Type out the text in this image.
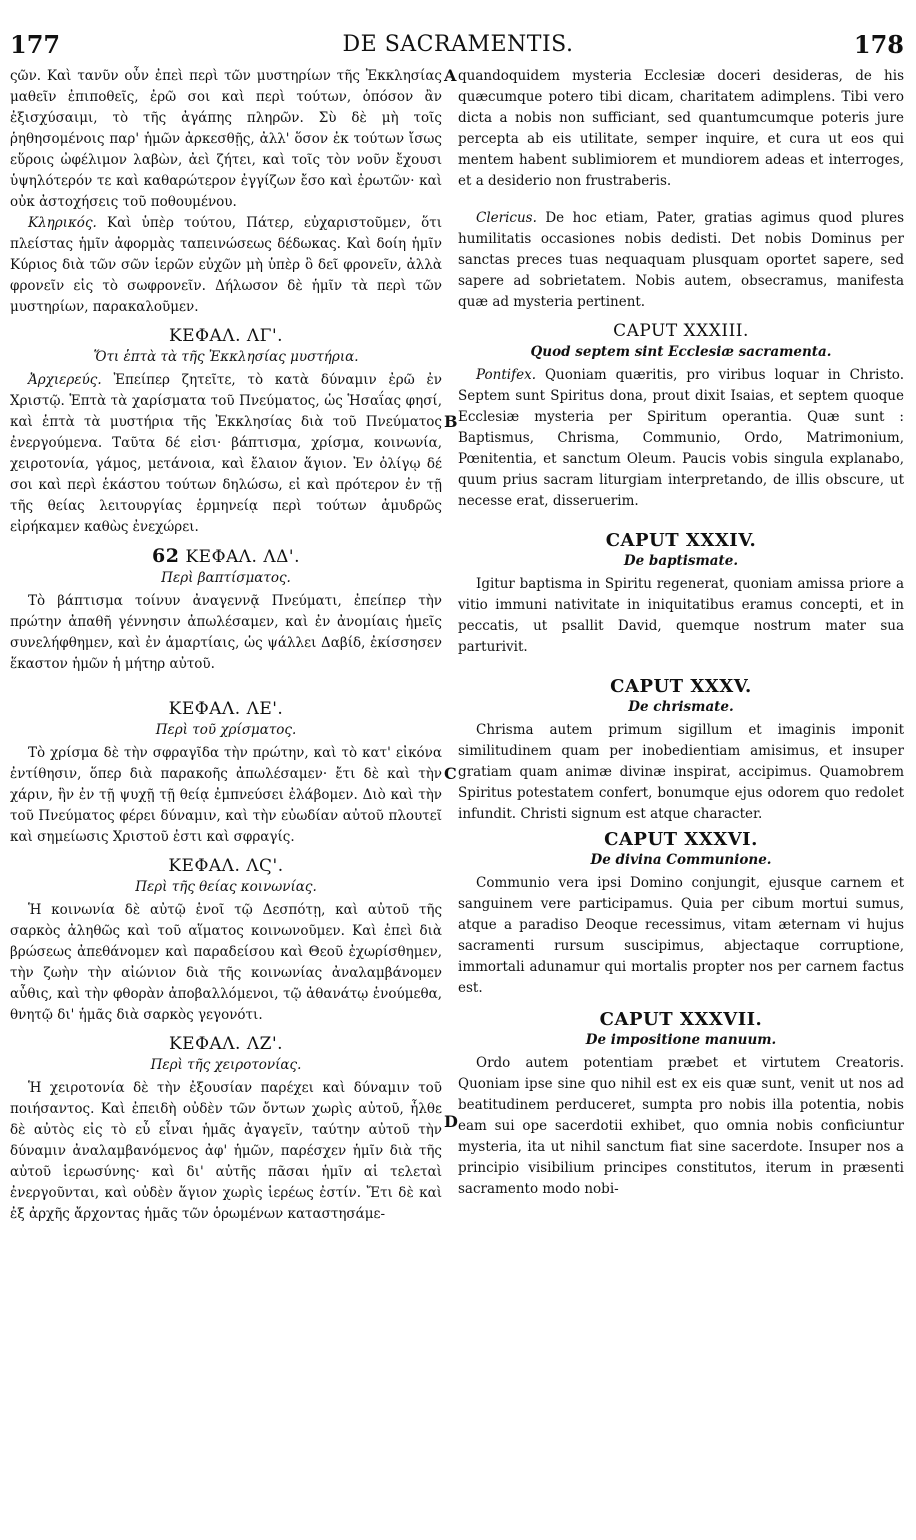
177	DE SACRAMENTIS.	178
A
B
C
D

ςῶν. Καὶ τανῦν οὖν ἐπεὶ περὶ τῶν μυστηρίων τῆς Ἐκκλησίας μαθεῖν ἐπιποθεῖς, ἐρῶ σοι καὶ περὶ τούτων, ὁπόσον ἂν ἐξισχύσαιμι, τὸ τῆς ἀγάπης πληρῶν. Σὺ δὲ μὴ τοῖς ῥηθησομένοις παρ' ἡμῶν ἀρκεσθῇς, ἀλλ' ὅσον ἐκ τούτων ἴσως εὕροις ὠφέλιμον λαβὼν, ἀεὶ ζήτει, καὶ τοῖς τὸν νοῦν ἔχουσι ὑψηλότερόν τε καὶ καθαρώτερον ἐγγίζων ἔσο καὶ ἐρωτῶν· καὶ οὐκ ἀστοχήσεις τοῦ ποθουμένου.

Κληρικός. Καὶ ὑπὲρ τούτου, Πάτερ, εὐχαριστοῦμεν, ὅτι πλείστας ἡμῖν ἀφορμὰς ταπεινώσεως δέδωκας. Καὶ δοίη ἡμῖν Κύριος διὰ τῶν σῶν ἱερῶν εὐχῶν μὴ ὑπὲρ ὃ δεῖ φρονεῖν, ἀλλὰ φρονεῖν εἰς τὸ σωφρονεῖν. Δήλωσον δὲ ἡμῖν τὰ περὶ τῶν μυστηρίων, παρακαλοῦμεν.

ΚΕΦΑΛ. ΛΓ'.
Ὅτι ἑπτὰ τὰ τῆς Ἐκκλησίας μυστήρια.

Ἀρχιερεύς. Ἐπείπερ ζητεῖτε, τὸ κατὰ δύναμιν ἐρῶ ἐν Χριστῷ. Ἑπτὰ τὰ χαρίσματα τοῦ Πνεύματος, ὡς Ἡσαΐας φησί, καὶ ἑπτὰ τὰ μυστήρια τῆς Ἐκκλησίας διὰ τοῦ Πνεύματος ἐνεργούμενα. Ταῦτα δέ εἰσι· βάπτισμα, χρίσμα, κοινωνία, χειροτονία, γάμος, μετάνοια, καὶ ἔλαιον ἅγιον. Ἐν ὀλίγῳ δέ σοι καὶ περὶ ἑκάστου τούτων δηλώσω, εἰ καὶ πρότερον ἐν τῇ τῆς θείας λειτουργίας ἑρμηνείᾳ περὶ τούτων ἀμυδρῶς εἰρήκαμεν καθὼς ἐνεχώρει.

62 ΚΕΦΑΛ. ΛΔ'.
Περὶ βαπτίσματος.

Τὸ βάπτισμα τοίνυν ἀναγεννᾷ Πνεύματι, ἐπείπερ τὴν πρώτην ἀπαθῆ γέννησιν ἀπωλέσαμεν, καὶ ἐν ἀνομίαις ἡμεῖς συνελήφθημεν, καὶ ἐν ἁμαρτίαις, ὡς ψάλλει Δαβίδ, ἐκίσσησεν ἕκαστον ἡμῶν ἡ μήτηρ αὐτοῦ.

ΚΕΦΑΛ. ΛΕ'.
Περὶ τοῦ χρίσματος.

Τὸ χρίσμα δὲ τὴν σφραγῖδα τὴν πρώτην, καὶ τὸ κατ' εἰκόνα ἐντίθησιν, ὅπερ διὰ παρακοῆς ἀπωλέσαμεν· ἔτι δὲ καὶ τὴν χάριν, ἣν ἐν τῇ ψυχῇ τῇ θείᾳ ἐμπνεύσει ἐλάβομεν. Διὸ καὶ τὴν τοῦ Πνεύματος φέρει δύναμιν, καὶ τὴν εὐωδίαν αὐτοῦ πλουτεῖ καὶ σημείωσις Χριστοῦ ἐστι καὶ σφραγίς.

ΚΕΦΑΛ. ΛϚ'.
Περὶ τῆς θείας κοινωνίας.

Ἡ κοινωνία δὲ αὐτῷ ἑνοῖ τῷ Δεσπότῃ, καὶ αὐτοῦ τῆς σαρκὸς ἀληθῶς καὶ τοῦ αἵματος κοινωνοῦμεν. Καὶ ἐπεὶ διὰ βρώσεως ἀπεθάνομεν καὶ παραδείσου καὶ Θεοῦ ἐχωρίσθημεν, τὴν ζωὴν τὴν αἰώνιον διὰ τῆς κοινωνίας ἀναλαμβάνομεν αὖθις, καὶ τὴν φθορὰν ἀποβαλλόμενοι, τῷ ἀθανάτῳ ἑνούμεθα, θνητῷ δι' ἡμᾶς διὰ σαρκὸς γεγονότι.

ΚΕΦΑΛ. ΛΖ'.
Περὶ τῆς χειροτονίας.

Ἡ χειροτονία δὲ τὴν ἐξουσίαν παρέχει καὶ δύναμιν τοῦ ποιήσαντος. Καὶ ἐπειδὴ οὐδὲν τῶν ὄντων χωρὶς αὐτοῦ, ἦλθε δὲ αὐτὸς εἰς τὸ εὖ εἶναι ἡμᾶς ἀγαγεῖν, ταύτην αὐτοῦ τὴν δύναμιν ἀναλαμβανόμενος ἀφ' ἡμῶν, παρέσχεν ἡμῖν διὰ τῆς αὐτοῦ ἱερωσύνης· καὶ δι' αὐτῆς πᾶσαι ἡμῖν αἱ τελεταὶ ἐνεργοῦνται, καὶ οὐδὲν ἅγιον χωρὶς ἱερέως ἐστίν. Ἔτι δὲ καὶ ἐξ ἀρχῆς ἄρχοντας ἡμᾶς τῶν ὁρωμένων καταστησάμε-

quandoquidem mysteria Ecclesiæ doceri desideras, de his quæcumque potero tibi dicam, charitatem adimplens. Tibi vero dicta a nobis non sufficiant, sed quantumcumque poteris jure percepta ab eis utilitate, semper inquire, et cura ut eos qui mentem habent sublimiorem et mundiorem adeas et interroges, et a desiderio non frustraberis.

Clericus. De hoc etiam, Pater, gratias agimus quod plures humilitatis occasiones nobis dedisti. Det nobis Dominus per sanctas preces tuas nequaquam plusquam oportet sapere, sed sapere ad sobrietatem. Nobis autem, obsecramus, manifesta quæ ad mysteria pertinent.

CAPUT XXXIII.
Quod septem sint Ecclesiæ sacramenta.

Pontifex. Quoniam quæritis, pro viribus loquar in Christo. Septem sunt Spiritus dona, prout dixit Isaias, et septem quoque Ecclesiæ mysteria per Spiritum operantia. Quæ sunt : Baptismus, Chrisma, Communio, Ordo, Matrimonium, Pœnitentia, et sanctum Oleum. Paucis vobis singula explanabo, quum prius sacram liturgiam interpretando, de illis obscure, ut necesse erat, disseruerim.

CAPUT XXXIV.
De baptismate.

Igitur baptisma in Spiritu regenerat, quoniam amissa priore a vitio immuni nativitate in iniquitatibus eramus concepti, et in peccatis, ut psallit David, quemque nostrum mater sua parturivit.

CAPUT XXXV.
De chrismate.

Chrisma autem primum sigillum et imaginis imponit similitudinem quam per inobedientiam amisimus, et insuper gratiam quam animæ divinæ inspirat, accipimus. Quamobrem Spiritus potestatem confert, bonumque ejus odorem quo redolet infundit. Christi signum est atque character.

CAPUT XXXVI.
De divina Communione.

Communio vera ipsi Domino conjungit, ejusque carnem et sanguinem vere participamus. Quia per cibum mortui sumus, atque a paradiso Deoque recessimus, vitam æternam vi hujus sacramenti rursum suscipimus, abjectaque corruptione, immortali adunamur qui mortalis propter nos per carnem factus est.

CAPUT XXXVII.
De impositione manuum.

Ordo autem potentiam præbet et virtutem Creatoris. Quoniam ipse sine quo nihil est ex eis quæ sunt, venit ut nos ad beatitudinem perduceret, sumpta pro nobis illa potentia, nobis eam sui ope sacerdotii exhibet, quo omnia nobis conficiuntur mysteria, ita ut nihil sanctum fiat sine sacerdote. Insuper nos a principio visibilium principes constitutos, iterum in præsenti sacramento modo nobi-
